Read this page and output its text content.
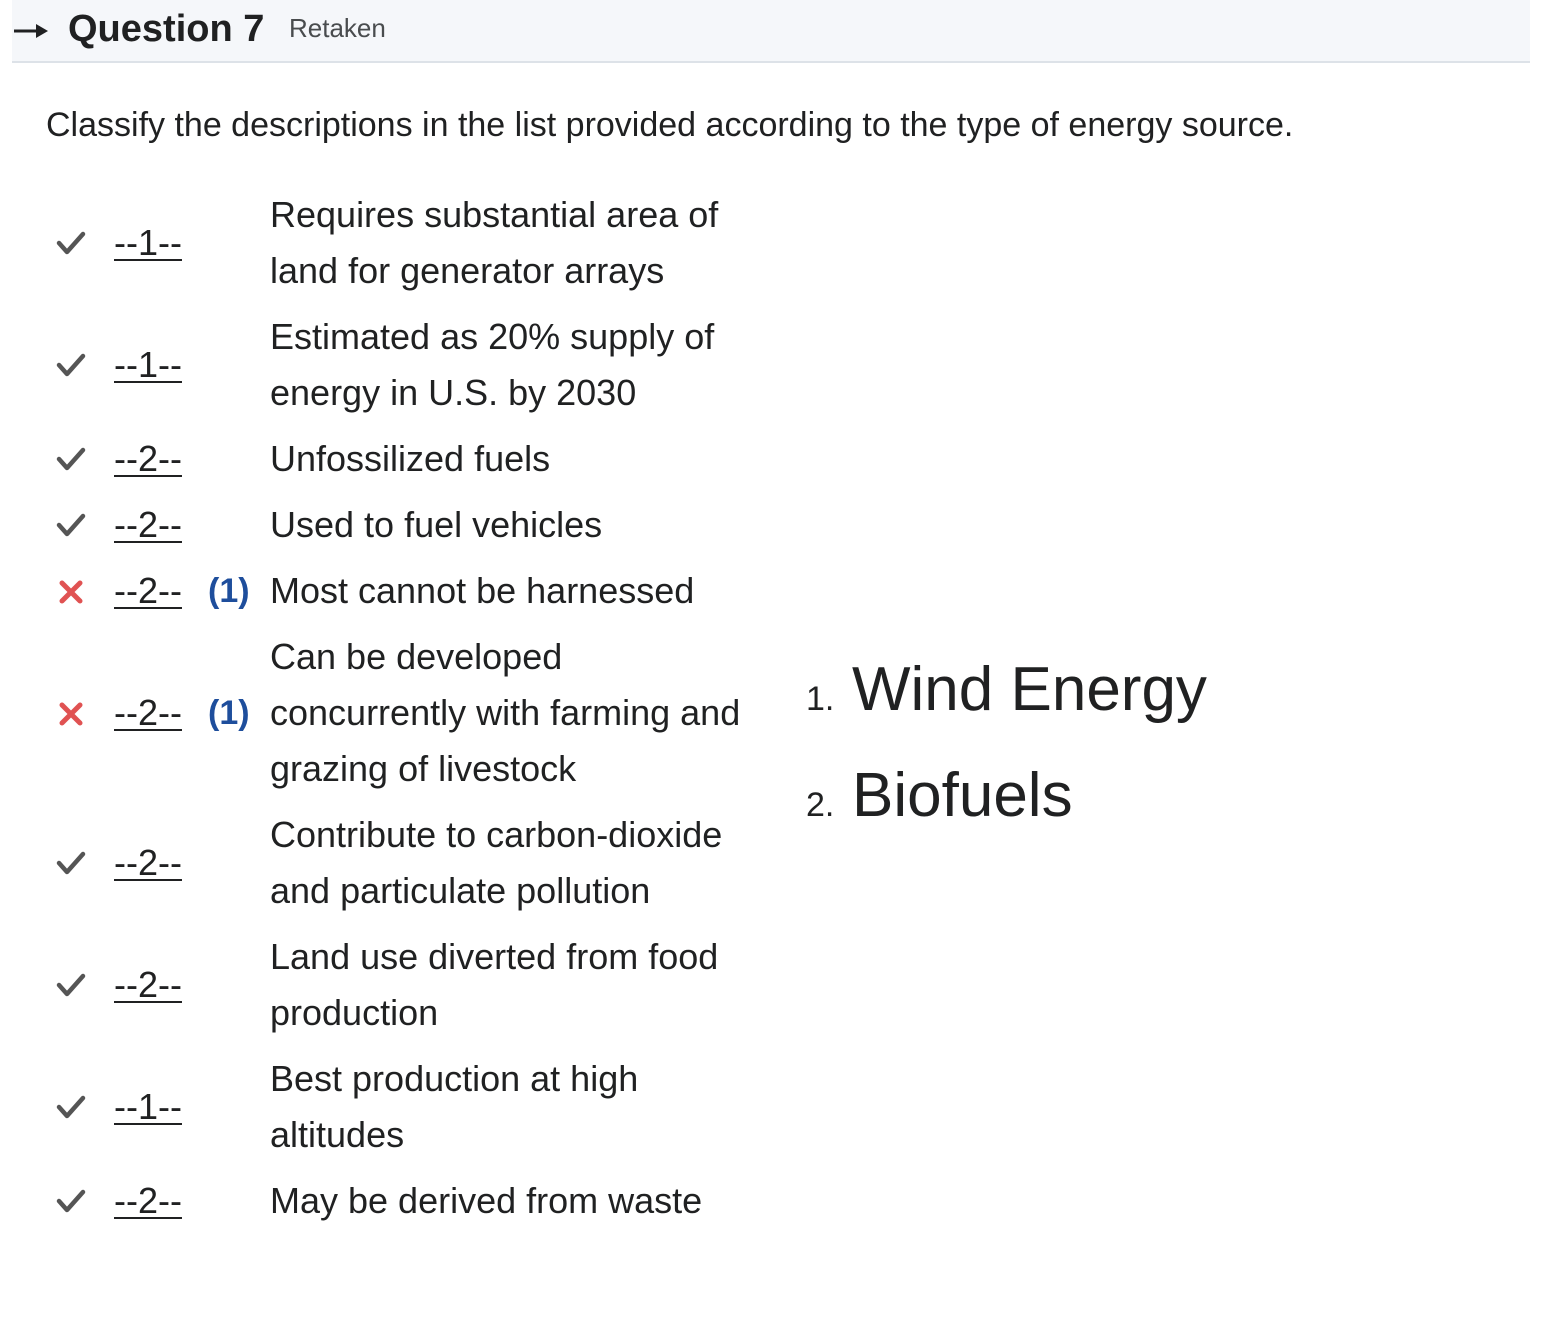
Question 7 Retaken
Classify the descriptions in the list provided according to the type of energy source.
--1--
Requires substantial area of land for generator arrays
--1--
Estimated as 20% supply of energy in U.S. by 2030
--2--	Unfossilized fuels
--2--	Used to fuel vehicles
--2-- (1) Most cannot be harnessed
--2-- (1)
Can be developed concurrently with farming and grazing of livestock
--2--
Contribute to carbon-dioxide and particulate pollution
--2--
Land use diverted from food production
--1--
Best production at high altitudes
--2--	May be derived from waste
1. Wind Energy
2. Biofuels
